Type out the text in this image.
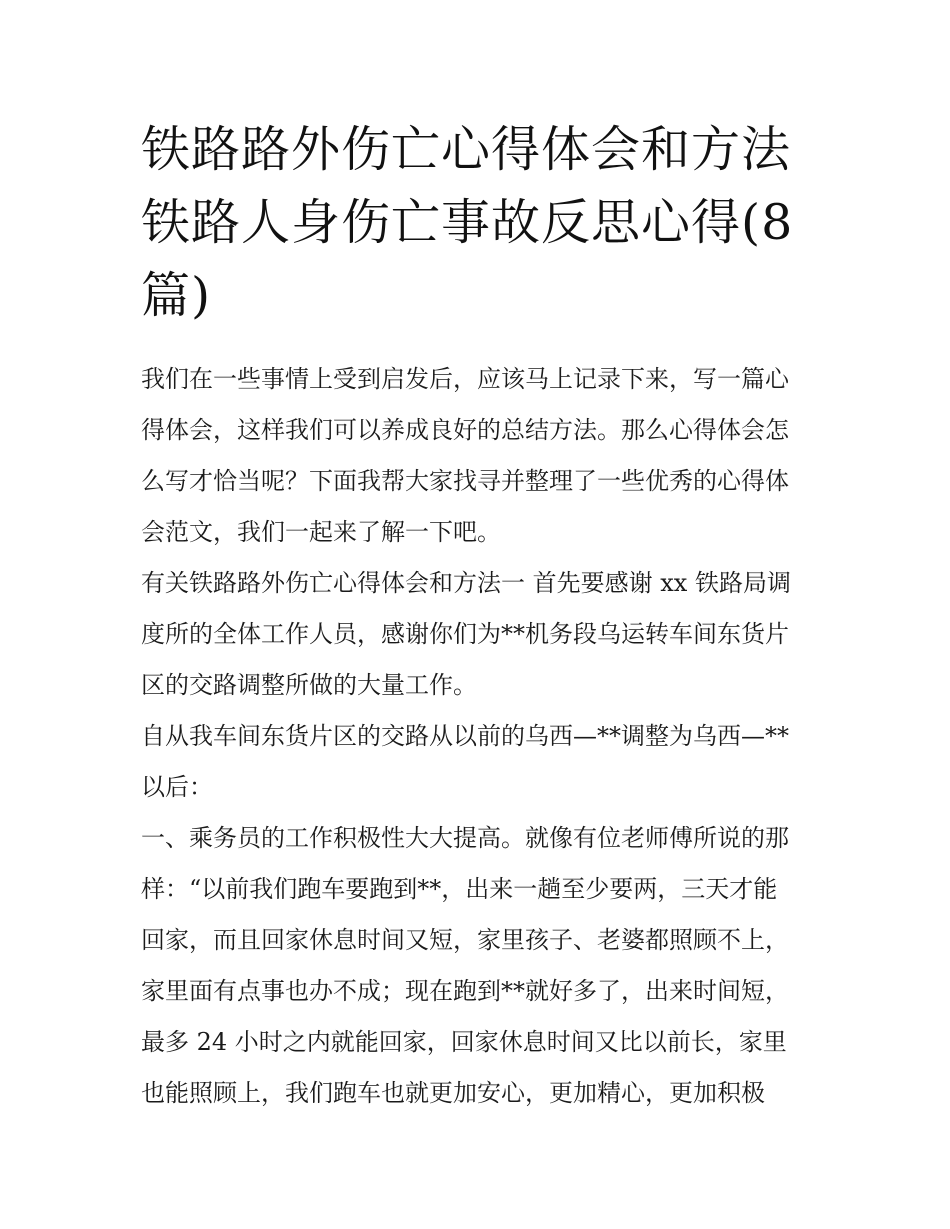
铁路路外伤亡心得体会和方法
铁路人身伤亡事故反思心得(8
篇)

我们在一些事情上受到启发后，应该马上记录下来，写一篇心
得体会，这样我们可以养成良好的总结方法。那么心得体会怎
么写才恰当呢？下面我帮大家找寻并整理了一些优秀的心得体
会范文，我们一起来了解一下吧。

有关铁路路外伤亡心得体会和方法一 首先要感谢 xx 铁路局调
度所的全体工作人员，感谢你们为**机务段乌运转车间东货片
区的交路调整所做的大量工作。

自从我车间东货片区的交路从以前的乌西—**调整为乌西—**
以后：

一、乘务员的工作积极性大大提高。就像有位老师傅所说的那
样：“以前我们跑车要跑到**，出来一趟至少要两，三天才能
回家，而且回家休息时间又短，家里孩子、老婆都照顾不上，
家里面有点事也办不成；现在跑到**就好多了，出来时间短，
最多 24 小时之内就能回家，回家休息时间又比以前长，家里
也能照顾上，我们跑车也就更加安心，更加精心，更加积极
